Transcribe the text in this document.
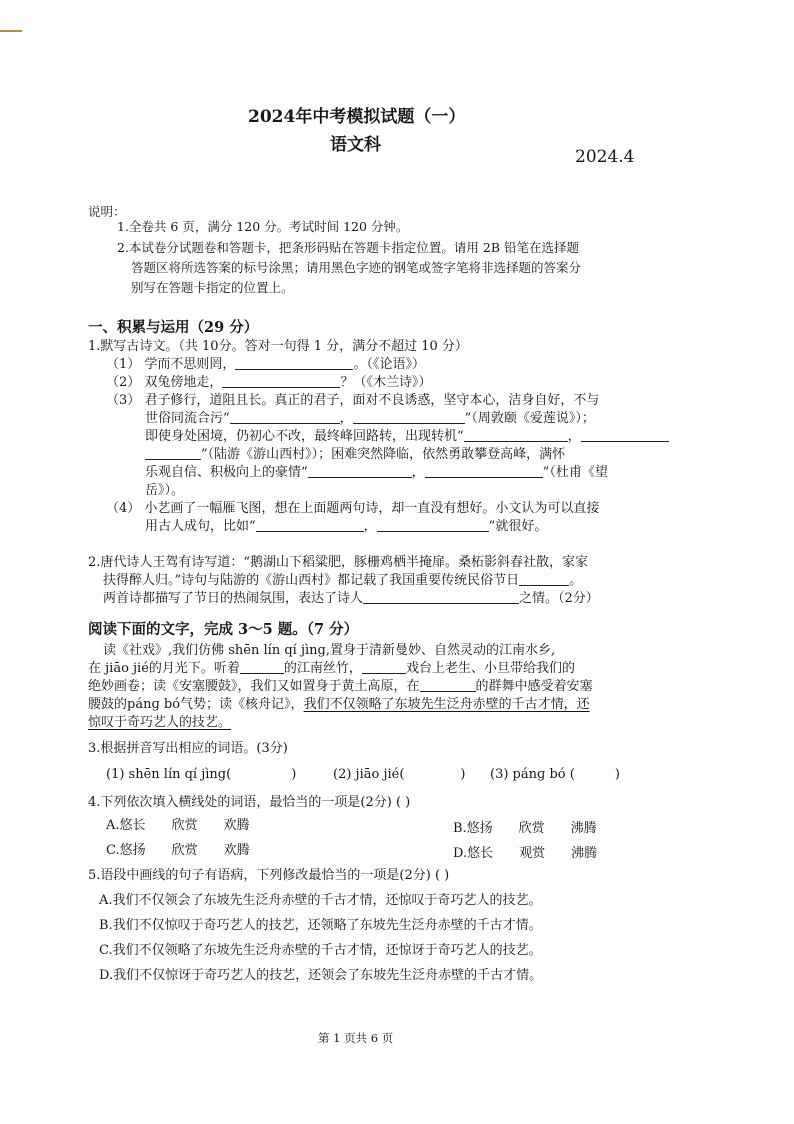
2024年中考模拟试题（一）
语文科
2024.4
说明：
1.全卷共 6 页，满分 120 分。考试时间 120 分钟。
2.本试卷分试题卷和答题卡，把条形码贴在答题卡指定位置。请用 2B 铅笔在选择题
答题区将所选答案的标号涂黑；请用黑色字迹的钢笔或签字笔将非选择题的答案分
别写在答题卡指定的位置上。
一、积累与运用（29 分）
1.默写古诗文。（共 10分。答对一句得 1 分，满分不超过 10 分）
（1） 学而不思则罔，	。（《论语》）
（2） 双兔傍地走，	？（《木兰诗》）
（3） 君子修行，道阻且长。真正的君子，面对不良诱惑，坚守本心，洁身自好，不与
世俗同流合污“	，	”（周敦颐《爱莲说》）；
即使身处困境，仍初心不改，最终峰回路转，出现转机“	，
”（陆游《游山西村》）；困难突然降临，依然勇敢攀登高峰，满怀
乐观自信、积极向上的豪情“	，	”（杜甫《望
岳》）。
（4） 小艺画了一幅雁飞图，想在上面题两句诗，却一直没有想好。小文认为可以直接
用古人成句，比如“	，	”就很好。
2.唐代诗人王驾有诗写道：“鹅湖山下稻粱肥，豚栅鸡栖半掩扉。桑柘影斜春社散，家家
扶得醉人归。”诗句与陆游的《游山西村》都记载了我国重要传统民俗节日	。
两首诗都描写了节日的热闹氛围，表达了诗人	之情。（2分）
阅读下面的文字，完成 3～5 题。（7 分）
读《社戏》,我们仿佛 shēn lín qí jìng,置身于清新曼妙、自然灵动的江南水乡,
在 jiāo jié的月光下。听着	的江南丝竹，	戏台上老生、小旦带给我们的
绝妙画卷；读《安塞腰鼓》，我们又如置身于黄土高原，在	的群舞中感受着安塞
腰鼓的pánɡ bó气势；读《核舟记》，我们不仅领略了东坡先生泛舟赤壁的千古才情，还
惊叹于奇巧艺人的技艺。
3.根据拼音写出相应的词语。(3分)
(1) shēn lín qí jìng(	)	(2) jiāo jié(	) (3) pánɡ bó (	)
4.下列依次填入横线处的词语，最恰当的一项是(2分) ( )
A.悠长　　欣赏　　欢腾	B.悠扬　　欣赏　　沸腾
C.悠扬　　欣赏　　欢腾	D.悠长　　观赏　　沸腾
5.语段中画线的句子有语病，下列修改最恰当的一项是(2分) ( )
A.我们不仅领会了东坡先生泛舟赤壁的千古才情，还惊叹于奇巧艺人的技艺。
B.我们不仅惊叹于奇巧艺人的技艺，还领略了东坡先生泛舟赤壁的千古才情。
C.我们不仅领略了东坡先生泛舟赤壁的千古才情，还惊讶于奇巧艺人的技艺。
D.我们不仅惊讶于奇巧艺人的技艺，还领会了东坡先生泛舟赤壁的千古才情。
第 1 页共 6 页
